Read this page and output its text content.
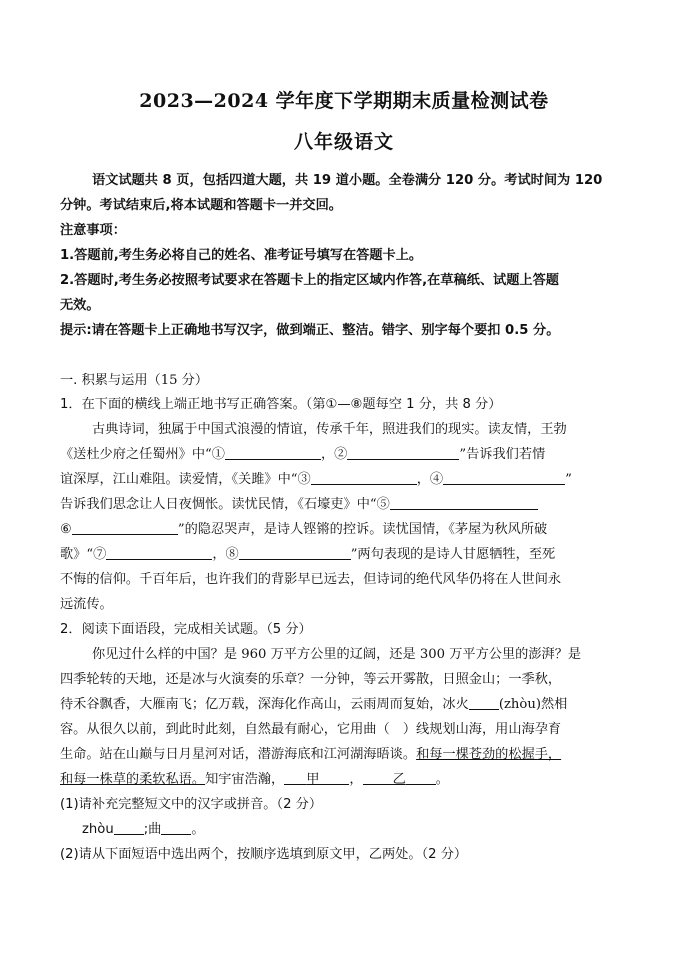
2023—2024 学年度下学期期末质量检测试卷
八年级语文
语文试题共 8 页，包括四道大题，共 19 道小题。全卷满分 120 分。考试时间为 120
分钟。考试结束后,将本试题和答题卡一并交回。
注意事项：
1.答题前,考生务必将自己的姓名、准考证号填写在答题卡上。
2.答题时,考生务必按照考试要求在答题卡上的指定区域内作答,在草稿纸、试题上答题
无效。
提示:请在答题卡上正确地书写汉字，做到端正、整洁。错字、别字每个要扣 0.5 分。
一. 积累与运用（15 分）
1．在下面的横线上端正地书写正确答案。（第①—⑧题每空 1 分，共 8 分）
古典诗词，独属于中国式浪漫的情谊，传承千年，照进我们的现实。读友情，王勃
《送杜少府之任蜀州》中“①	，②	”告诉我们若情
谊深厚，江山难阻。读爱情，《关雎》中“③	，④	”
告诉我们思念让人日夜惆怅。读忧民情，《石壕吏》中“⑤
⑥	”的隐忍哭声，是诗人铿锵的控诉。读忧国情，《茅屋为秋风所破
歌》“⑦	，⑧	”两句表现的是诗人甘愿牺牲，至死
不悔的信仰。千百年后，也许我们的背影早已远去，但诗词的绝代风华仍将在人世间永
远流传。
2．阅读下面语段，完成相关试题。（5 分）
你见过什么样的中国？是 960 万平方公里的辽阔，还是 300 万平方公里的澎湃？是
四季轮转的天地，还是冰与火演奏的乐章？一分钟，等云开雾散，日照金山；一季秋，
待禾谷飘香，大雁南飞；亿万载，深海化作高山，云雨周而复始，冰火 (zhòu)然相
容。从很久以前，到此时此刻，自然最有耐心，它用曲（　）线规划山海，用山海孕育
生命。站在山巅与日月星河对话，潜游海底和江河湖海晤谈。和每一棵苍劲的松握手，
和每一株草的柔软私语。知宇宙浩瀚， 甲 ， 乙 。
(1)请补充完整短文中的汉字或拼音。（2 分）
zhòu ;曲 。
(2)请从下面短语中选出两个，按顺序选填到原文甲，乙两处。（2 分）
